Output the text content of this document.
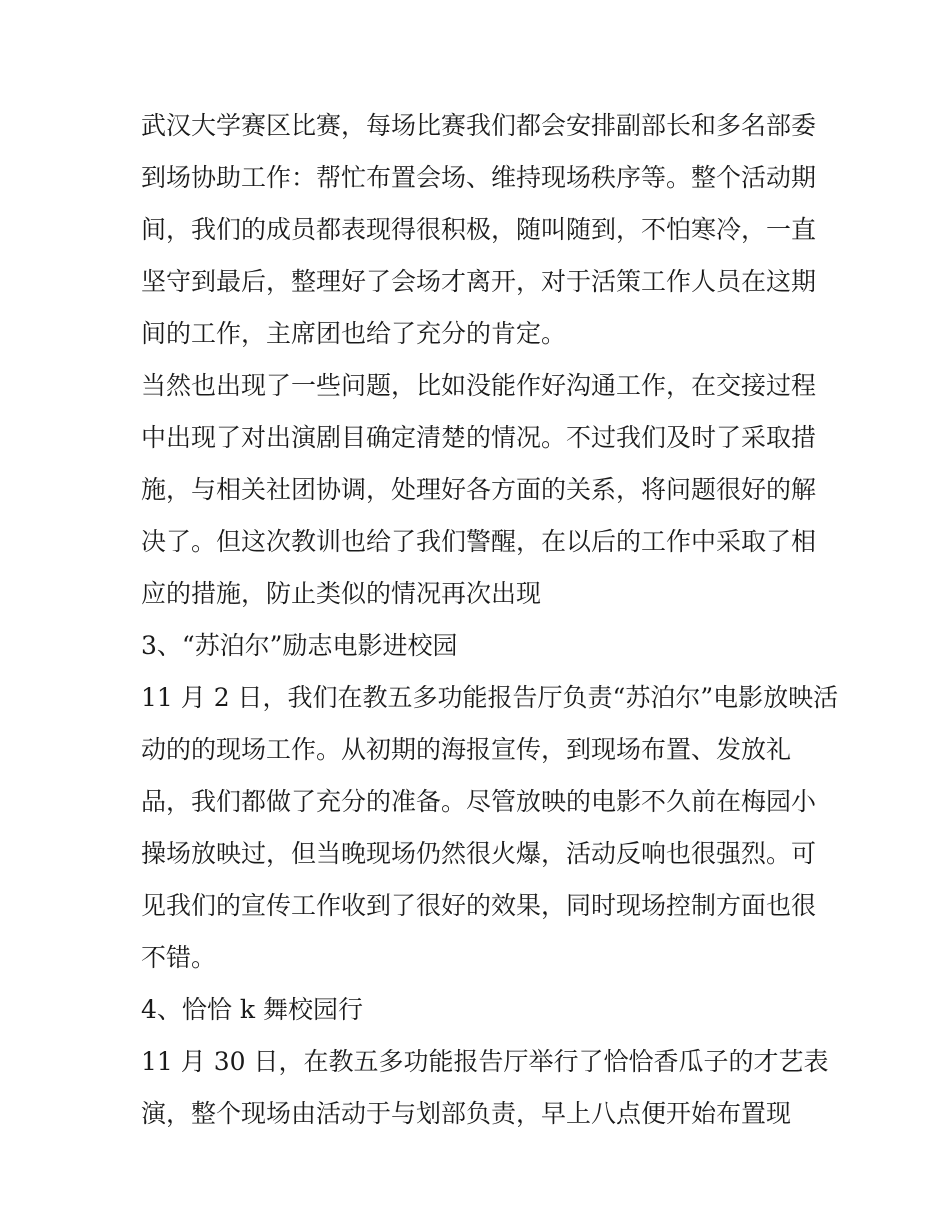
武汉大学赛区比赛，每场比赛我们都会安排副部长和多名部委

到场协助工作：帮忙布置会场、维持现场秩序等。整个活动期

间，我们的成员都表现得很积极，随叫随到，不怕寒冷，一直

坚守到最后，整理好了会场才离开，对于活策工作人员在这期

间的工作，主席团也给了充分的肯定。

当然也出现了一些问题，比如没能作好沟通工作，在交接过程

中出现了对出演剧目确定清楚的情况。不过我们及时了采取措

施，与相关社团协调，处理好各方面的关系，将问题很好的解

决了。但这次教训也给了我们警醒，在以后的工作中采取了相

应的措施，防止类似的情况再次出现

3、“苏泊尔”励志电影进校园

11 月 2 日，我们在教五多功能报告厅负责“苏泊尔”电影放映活

动的的现场工作。从初期的海报宣传，到现场布置、发放礼

品，我们都做了充分的准备。尽管放映的电影不久前在梅园小

操场放映过，但当晚现场仍然很火爆，活动反响也很强烈。可

见我们的宣传工作收到了很好的效果，同时现场控制方面也很

不错。

4、恰恰 k 舞校园行

11 月 30 日，在教五多功能报告厅举行了恰恰香瓜子的才艺表

演，整个现场由活动于与划部负责，早上八点便开始布置现
